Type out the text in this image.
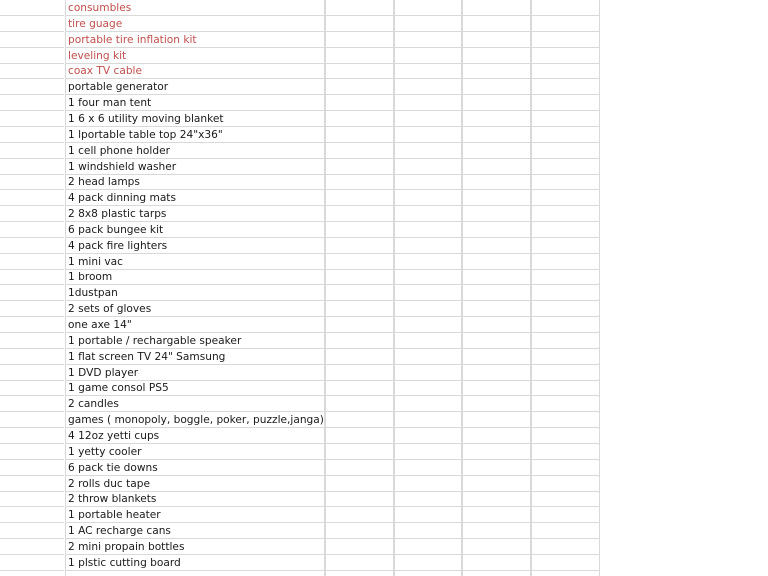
consumbles
tire guage
portable tire inflation kit
leveling kit
coax TV cable
portable generator
1 four man tent
1 6 x 6 utility moving blanket
1 lportable table top 24"x36"
1 cell phone holder
1 windshield washer
2 head lamps
4 pack dinning mats
2 8x8 plastic tarps
6 pack bungee kit
4 pack fire lighters
1 mini vac
1 broom
1dustpan
2 sets of gloves
one axe 14"
1 portable / rechargable speaker
1 flat screen TV 24" Samsung
1 DVD player
1 game consol PS5
2 candles
games ( monopoly, boggle, poker, puzzle,janga)
4 12oz yetti cups
1 yetty cooler
6 pack tie downs
2 rolls duc tape
2 throw blankets
1 portable heater
1 AC recharge cans
2 mini propain bottles
1 plstic cutting board
